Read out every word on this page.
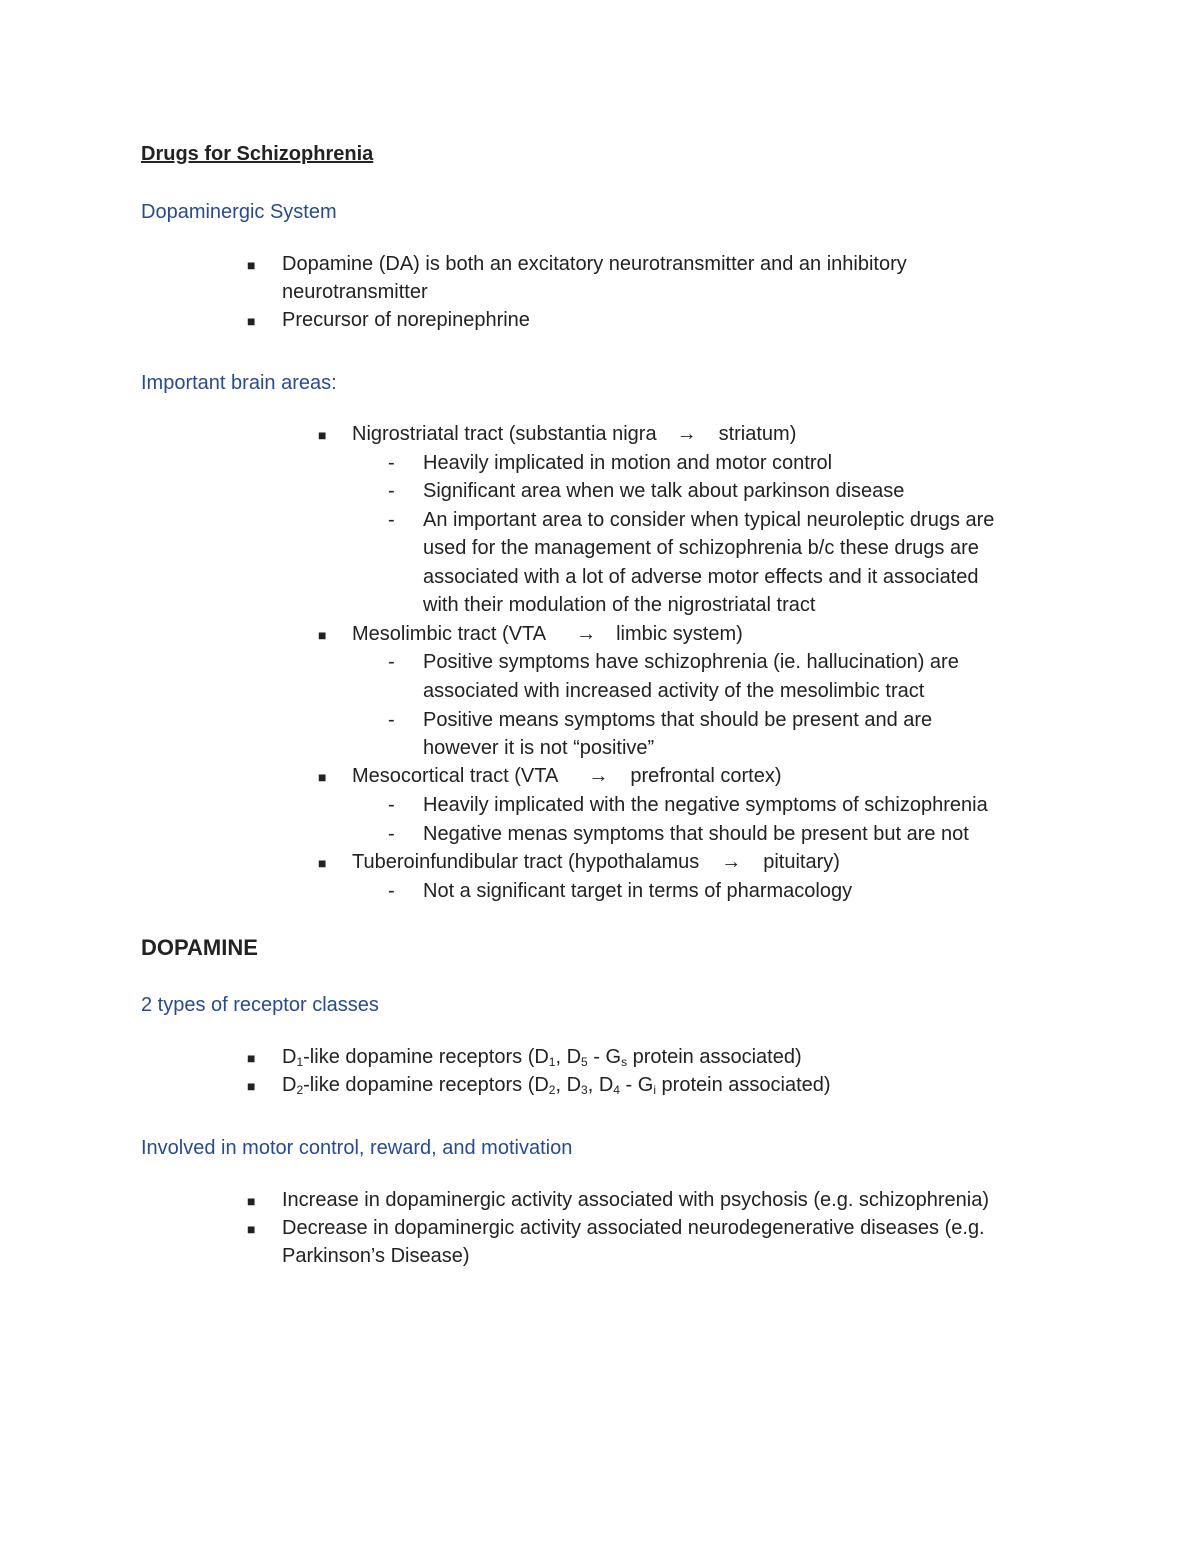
Drugs for Schizophrenia
Dopaminergic System
■ Dopamine (DA) is both an excitatory neurotransmitter and an inhibitory
neurotransmitter
■ Precursor of norepinephrine
Important brain areas:
■ Nigrostriatal tract (substantia nigra → striatum)
- Heavily implicated in motion and motor control
- Significant area when we talk about parkinson disease
- An important area to consider when typical neuroleptic drugs are
used for the management of schizophrenia b/c these drugs are
associated with a lot of adverse motor effects and it associated
with their modulation of the nigrostriatal tract
■ Mesolimbic tract (VTA → limbic system)
- Positive symptoms have schizophrenia (ie. hallucination) are
associated with increased activity of the mesolimbic tract
- Positive means symptoms that should be present and are
however it is not “positive”
■ Mesocortical tract (VTA → prefrontal cortex)
- Heavily implicated with the negative symptoms of schizophrenia
- Negative menas symptoms that should be present but are not
■ Tuberoinfundibular tract (hypothalamus → pituitary)
- Not a significant target in terms of pharmacology
DOPAMINE
2 types of receptor classes
■ $D_1$-like dopamine receptors ($D_1$, $D_5 - G_s$ protein associated)
■ $D_2$-like dopamine receptors ($D_2$, $D_3$, $D_4 - G_i$ protein associated)
Involved in motor control, reward, and motivation
■ Increase in dopaminergic activity associated with psychosis (e.g. schizophrenia)
■ Decrease in dopaminergic activity associated neurodegenerative diseases (e.g.
Parkinson’s Disease)
